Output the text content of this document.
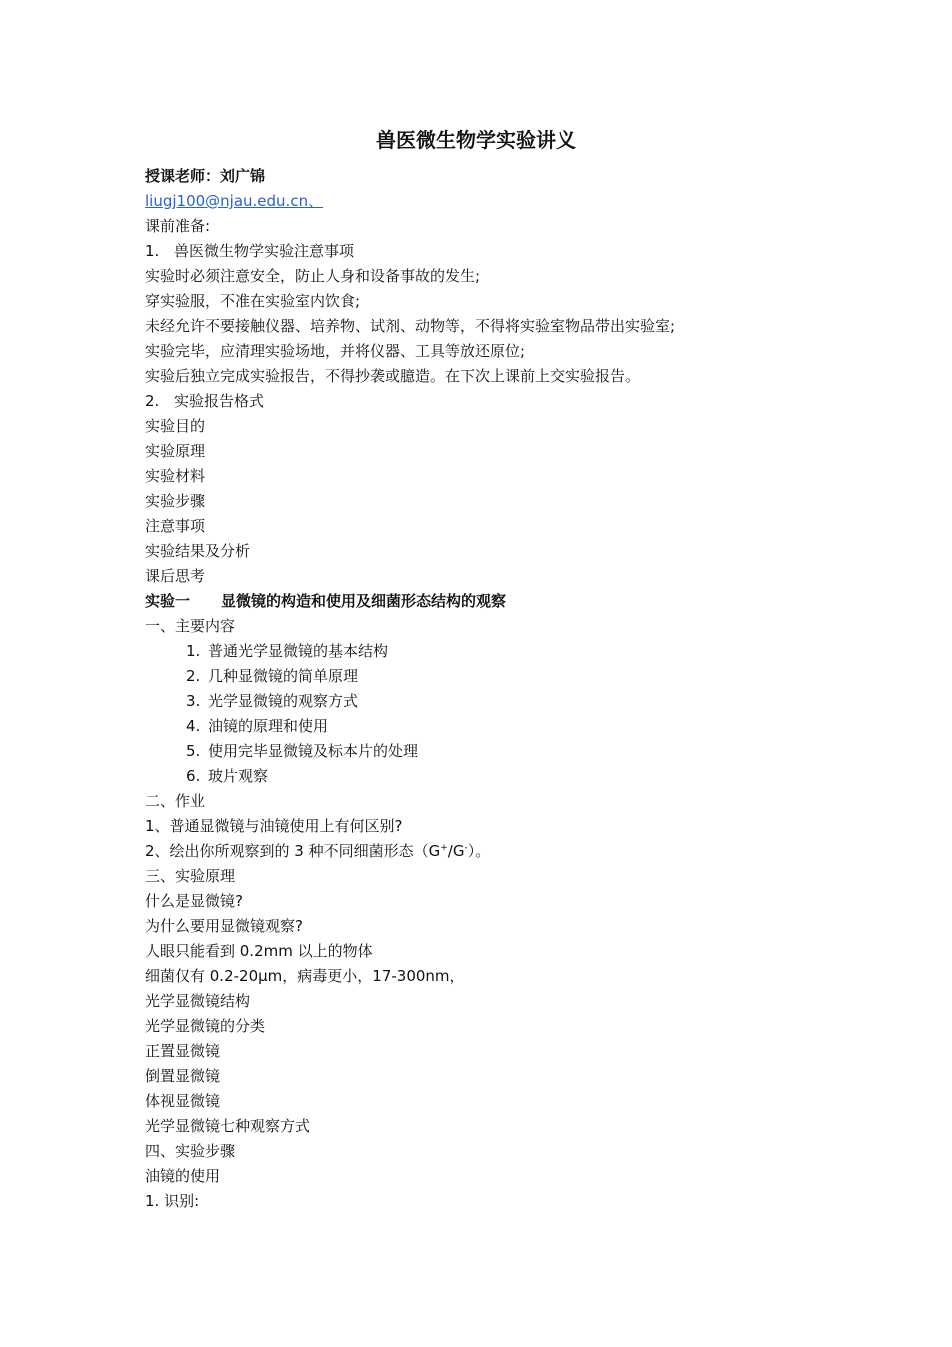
兽医微生物学实验讲义
授课老师：刘广锦
liugj100@njau.edu.cn、
课前准备:
1. 兽医微生物学实验注意事项
实验时必须注意安全，防止人身和设备事故的发生;
穿实验服，不准在实验室内饮食;
未经允许不要接触仪器、培养物、试剂、动物等，不得将实验室物品带出实验室;
实验完毕，应清理实验场地，并将仪器、工具等放还原位;
实验后独立完成实验报告，不得抄袭或臆造。在下次上课前上交实验报告。
2. 实验报告格式
实验目的
实验原理
实验材料
实验步骤
注意事项
实验结果及分析
课后思考
实验一 显微镜的构造和使用及细菌形态结构的观察
一、主要内容
1. 普通光学显微镜的基本结构
2. 几种显微镜的简单原理
3. 光学显微镜的观察方式
4. 油镜的原理和使用
5. 使用完毕显微镜及标本片的处理
6. 玻片观察
二、作业
1、普通显微镜与油镜使用上有何区别?
2、绘出你所观察到的 3 种不同细菌形态（G+/G-）。
三、实验原理
什么是显微镜?
为什么要用显微镜观察?
人眼只能看到 0.2mm 以上的物体
细菌仅有 0.2-20μm，病毒更小，17-300nm，
光学显微镜结构
光学显微镜的分类
正置显微镜
倒置显微镜
体视显微镜
光学显微镜七种观察方式
四、实验步骤
油镜的使用
1. 识别:
